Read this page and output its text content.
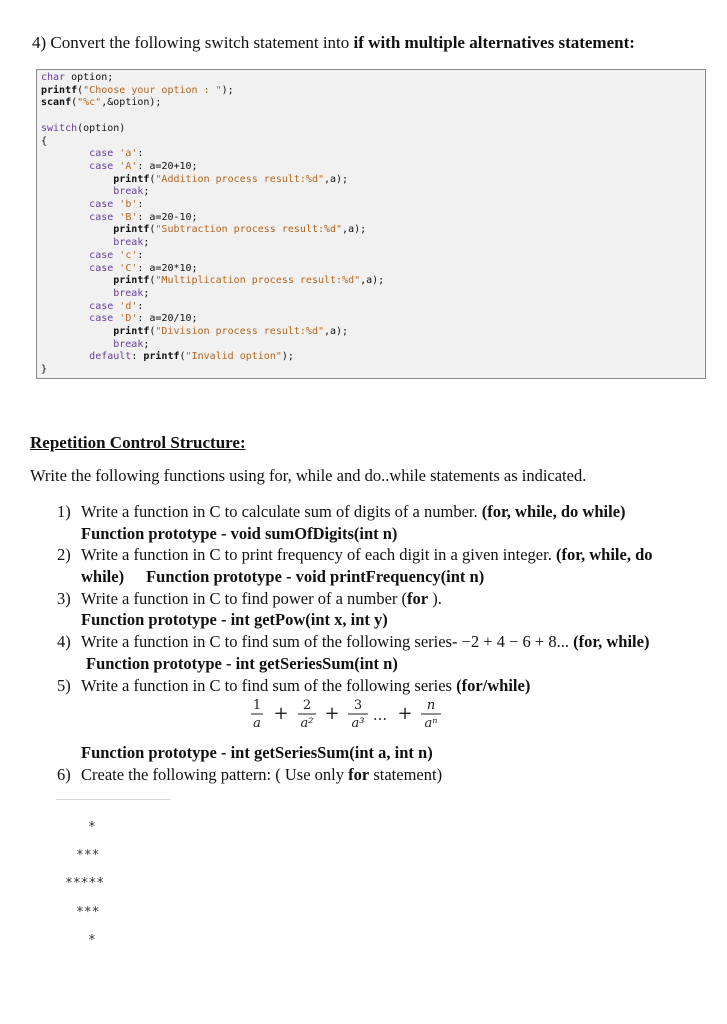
4) Convert the following switch statement into if with multiple alternatives statement:
char option;
printf("Choose your option : ");
scanf("%c",&option);

switch(option)
{
case 'a':
case 'A': a=20+10;
printf("Addition process result:%d",a);
break;
case 'b':
case 'B': a=20-10;
printf("Subtraction process result:%d",a);
break;
case 'c':
case 'C': a=20*10;
printf("Multiplication process result:%d",a);
break;
case 'd':
case 'D': a=20/10;
printf("Division process result:%d",a);
break;
default: printf("Invalid option");
}
Repetition Control Structure:
Write the following functions using for, while and do..while statements as indicated.
1) Write a function in C to calculate sum of digits of a number. (for, while, do while)
Function prototype - void sumOfDigits(int n)
2) Write a function in C to print frequency of each digit in a given integer. (for, while, do
while) Function prototype - void printFrequency(int n)
3) Write a function in C to find power of a number (for ).
Function prototype - int getPow(int x, int y)
4) Write a function in C to find sum of the following series- −2 + 4 − 6 + 8... (for, while)
Function prototype - int getSeriesSum(int n)
5) Write a function in C to find sum of the following series (for/while)
1
a + 2
a² + 3
a³ ... + n
aⁿ
Function prototype - int getSeriesSum(int a, int n)
6) Create the following pattern: ( Use only for statement)
*
***
*****
***
*
